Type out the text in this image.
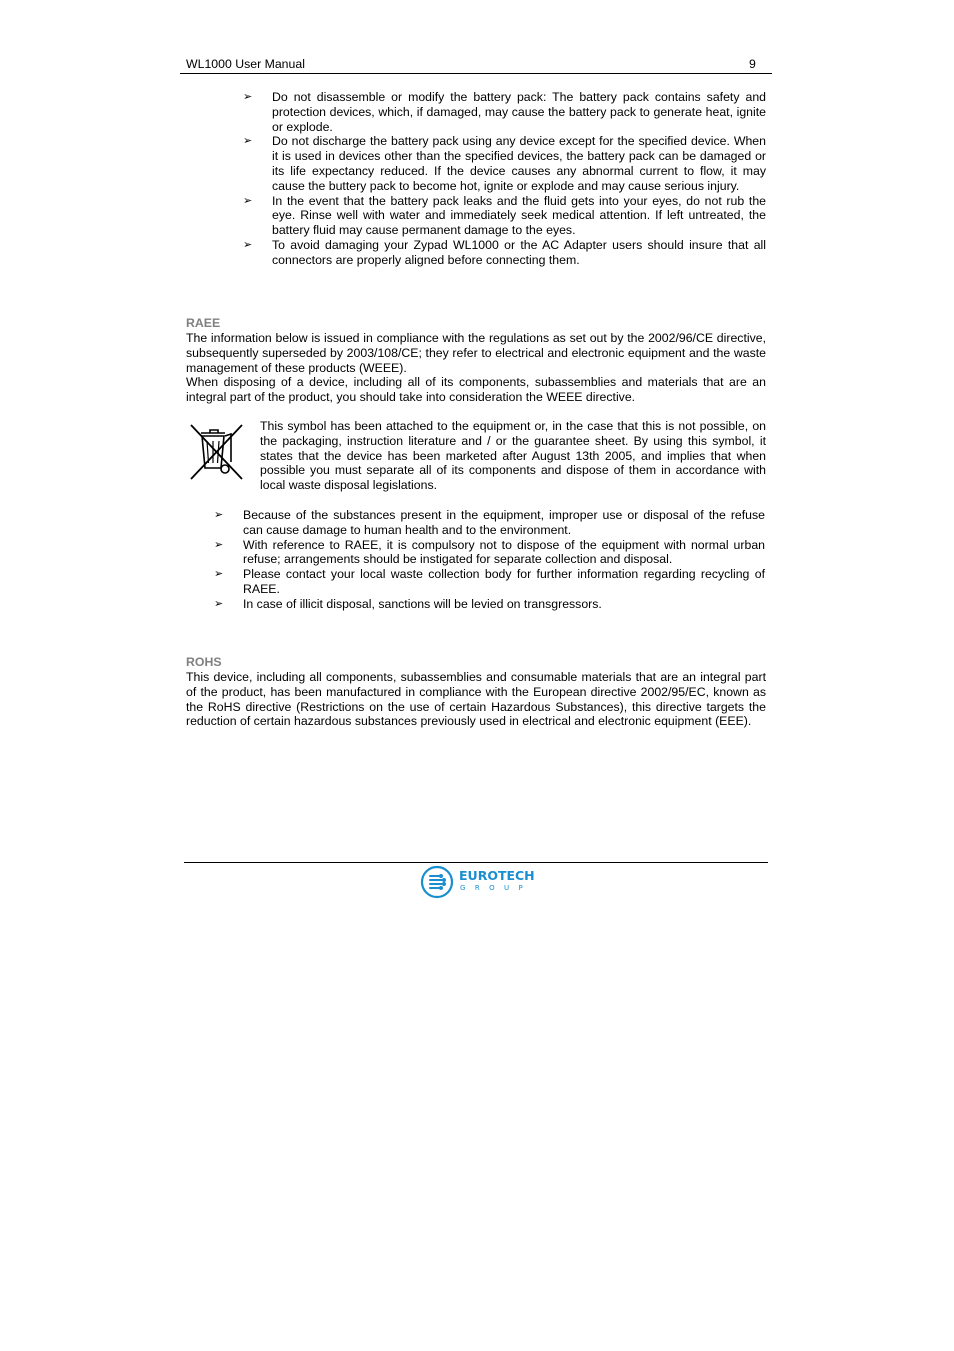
WL1000 User Manual	9
➢ Do not disassemble or modify the battery pack: The battery pack contains safety and protection devices, which, if damaged, may cause the battery pack to generate heat, ignite or explode.
➢ Do not discharge the battery pack using any device except for the specified device. When it is used in devices other than the specified devices, the battery pack can be damaged or its life expectancy reduced. If the device causes any abnormal current to flow, it may cause the buttery pack to become hot, ignite or explode and may cause serious injury.
➢ In the event that the battery pack leaks and the fluid gets into your eyes, do not rub the eye. Rinse well with water and immediately seek medical attention. If left untreated, the battery fluid may cause permanent damage to the eyes.
➢ To avoid damaging your Zypad WL1000 or the AC Adapter users should insure that all connectors are properly aligned before connecting them.
RAEE

The information below is issued in compliance with the regulations as set out by the 2002/96/CE directive, subsequently superseded by 2003/108/CE; they refer to electrical and electronic equipment and the waste management of these products (WEEE).

When disposing of a device, including all of its components, subassemblies and materials that are an integral part of the product, you should take into consideration the WEEE directive.

This symbol has been attached to the equipment or, in the case that this is not possible, on the packaging, instruction literature and / or the guarantee sheet. By using this symbol, it states that the device has been marketed after August 13th 2005, and implies that when possible you must separate all of its components and dispose of them in accordance with local waste disposal legislations.

➢ Because of the substances present in the equipment, improper use or disposal of the refuse can cause damage to human health and to the environment.
➢ With reference to RAEE, it is compulsory not to dispose of the equipment with normal urban refuse; arrangements should be instigated for separate collection and disposal.
➢ Please contact your local waste collection body for further information regarding recycling of RAEE.
➢ In case of illicit disposal, sanctions will be levied on transgressors.
ROHS

This device, including all components, subassemblies and consumable materials that are an integral part of the product, has been manufactured in compliance with the European directive 2002/95/EC, known as the RoHS directive (Restrictions on the use of certain Hazardous Substances), this directive targets the reduction of certain hazardous substances previously used in electrical and electronic equipment (EEE).

EUROTECH
GROUP
